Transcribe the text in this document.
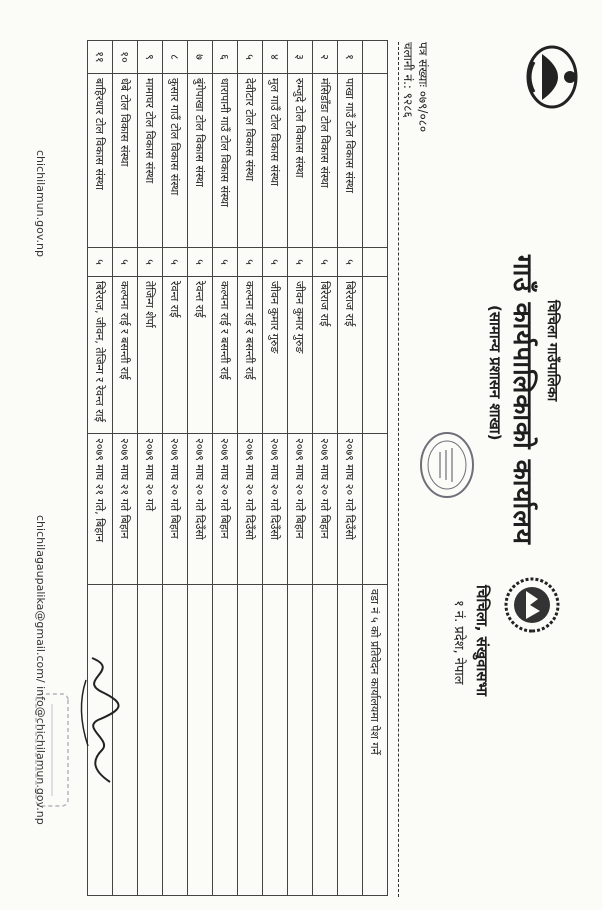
चिचिला गाउँपालिका
गाउँ कार्यपालिकाको कार्यालय
(सामान्य प्रशासन शाखा)
चिचिला, संखुवासभा
१ नं. प्रदेश, नेपाल
पत्र संख्याः ०७९/०८०
चलानी नं.: ९२८६
					वडा नं ५ को प्रतिवेदन कार्यालयमा पेश गर्ने
१	पाखा गाउँ टोल विकास संस्था	५	बिरेराज राई	२०७९ माघ २० गते दिउँसो	
२	मंसिडाँडा टोल विकास संस्था	५	बिरेराज राई	२०७९ माघ २० गते बिहान	
३	रुम्जुदे टोल विकास संस्था	५	जीवन कुमार गुरुङ	२०७९ माघ २० गते बिहान	
४	मुल गाउँ टोल विकास संस्था	५	जीवन कुमार गुरुङ	२०७९ माघ २० गते दिउँसो	
५	देवीटार टोल विकास संस्था	५	कल्पना राई र बसन्ती राई	२०७९ माघ २० गते दिउँसो	
६	धारापानी गाउँ टोल विकास संस्था	५	कल्पना राई र बसन्ती राई	२०७९ माघ २० गते बिहान	
७	बुंगेपाखा टोल विकास संस्था	५	रेवन्त राई	२०७९ माघ २० गते दिउँसो	
८	कुसार गाउँ टोल विकास संस्था	५	रेवन्त राई	२०७९ माघ २० गते बिहान	
९	मामाघर टोल विकास संस्था	५	तेजिन्ग शेर्पा	२०७९ माघ २० गते	
१०	धेबे टोल विकास संस्था	५	कल्पना राई र बसन्ती राई	२०७९ माघ २१ गते बिहान	
११	बाहिरधार टोल विकास संस्था	५	बिरेराज, जीवन, तेजिन्ग र रेवन्त राई	२०७९ माघ २१ गते, बिहान	
chichilamun.gov.np
chichilagaupalika@gmail.com/ info@chichilamun.gov.np
